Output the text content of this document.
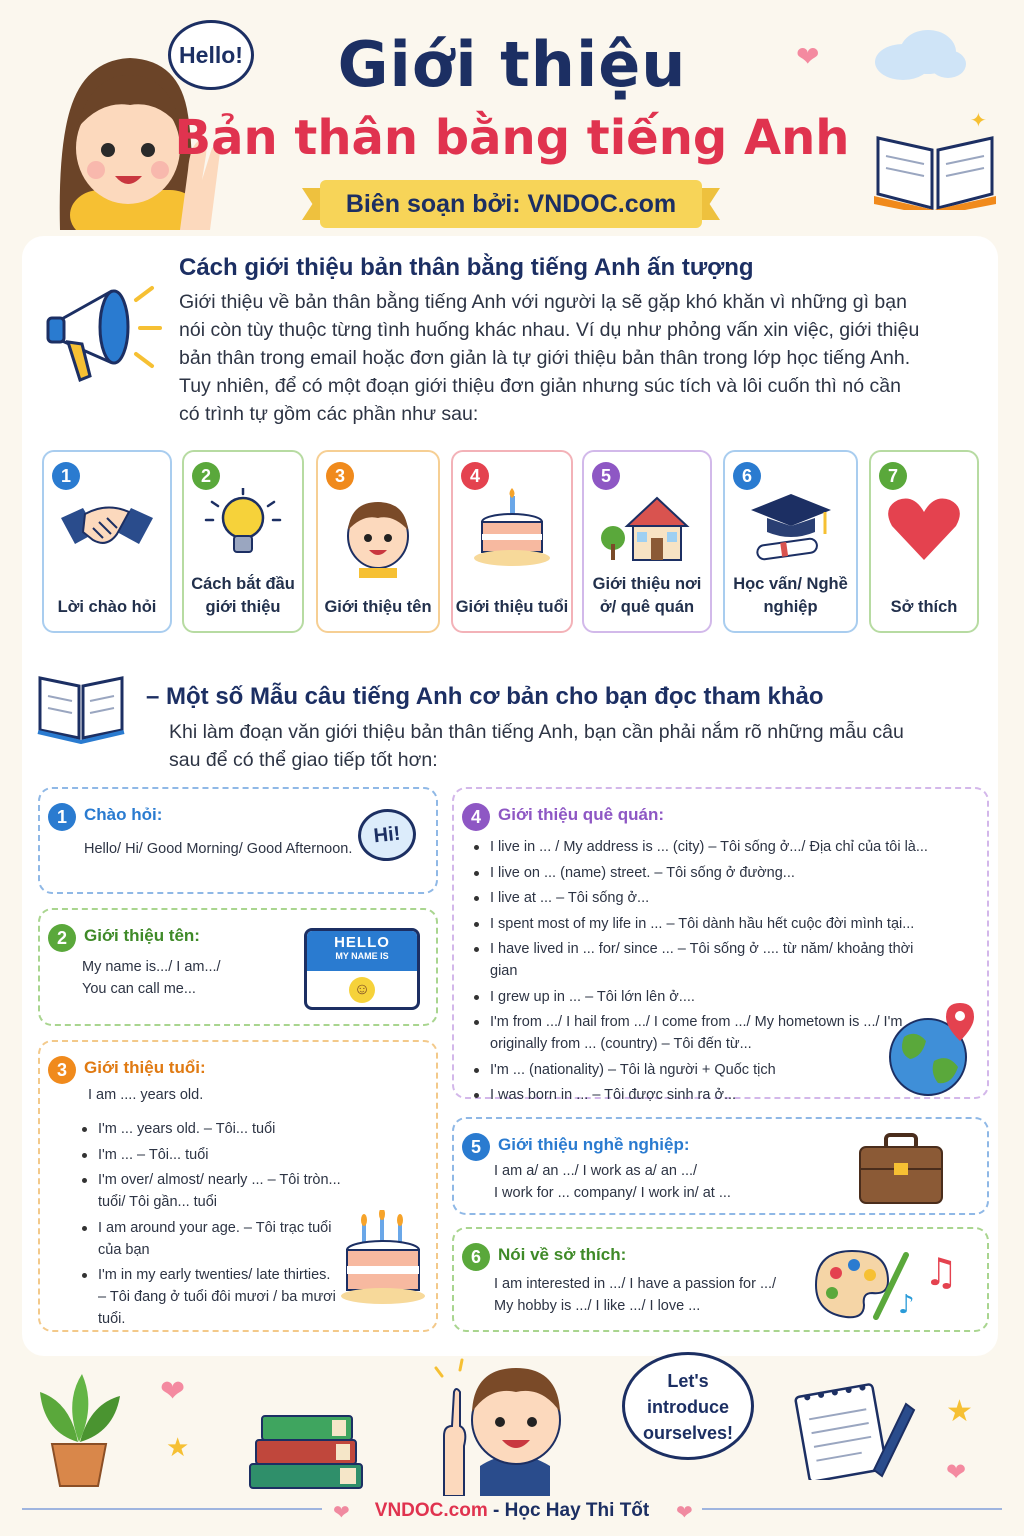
Hello!	❤
✦
Giới thiệu
Bản thân bằng tiếng Anh
Biên soạn bởi: VNDOC.com
Cách giới thiệu bản thân bằng tiếng Anh ấn tượng
Giới thiệu về bản thân bằng tiếng Anh với người lạ sẽ gặp khó khăn vì những gì bạn
nói còn tùy thuộc từng tình huống khác nhau. Ví dụ như phỏng vấn xin việc, giới thiệu
bản thân trong email hoặc đơn giản là tự giới thiệu bản thân trong lớp học tiếng Anh.
Tuy nhiên, để có một đoạn giới thiệu đơn giản nhưng súc tích và lôi cuốn thì nó cần
có trình tự gồm các phần như sau:
1
Lời chào hỏi
2
Cách bắt đầu giới thiệu
3
Giới thiệu tên
4
Giới thiệu tuổi
5
Giới thiệu nơi ở/ quê quán
6
Học vấn/ Nghề nghiệp
7
Sở thích
– Một số Mẫu câu tiếng Anh cơ bản cho bạn đọc tham khảo
Khi làm đoạn văn giới thiệu bản thân tiếng Anh, bạn cần phải nắm rõ những mẫu câu
sau để có thể giao tiếp tốt hơn:
1	Chào hỏi:
Hello/ Hi/ Good Morning/ Good Afternoon.
Hi!
2	Giới thiệu tên:
My name is.../ I am.../
You can call me...
HELLO
MY NAME IS
☺
3	Giới thiệu tuổi:
I am .... years old.
I'm ... years old. – Tôi... tuổi
I'm ... – Tôi... tuổi
I'm over/ almost/ nearly ... – Tôi tròn... tuổi/ Tôi gần... tuổi
I am around your age. – Tôi trạc tuổi của bạn
I'm in my early twenties/ late thirties. – Tôi đang ở tuổi đôi mươi / ba mươi tuổi.
4	Giới thiệu quê quán:
I live in ... / My address is ... (city) – Tôi sống ở.../ Địa chỉ của tôi là...
I live on ... (name) street. – Tôi sống ở đường...
I live at ... – Tôi sống ở...
I spent most of my life in ... – Tôi dành hầu hết cuộc đời mình tại...
I have lived in ... for/ since ... – Tôi sống ở .... từ năm/ khoảng thời gian
I grew up in ... – Tôi lớn lên ở....
I'm from .../ I hail from .../ I come from .../ My hometown is .../ I'm originally from ... (country) – Tôi đến từ...
I'm ... (nationality) – Tôi là người + Quốc tịch
I was born in ... – Tôi được sinh ra ở...
5	Giới thiệu nghề nghiệp:
I am a/ an .../ I work as a/ an .../
I work for ... company/ I work in/ at ...
6	Nói về sở thích:
I am interested in .../ I have a passion for .../
My hobby is .../ I like .../ I love ...
♫
♪
❤
★
Let's
introduce
ourselves!
★
❤
❤	❤
VNDOC.com - Học Hay Thi Tốt
